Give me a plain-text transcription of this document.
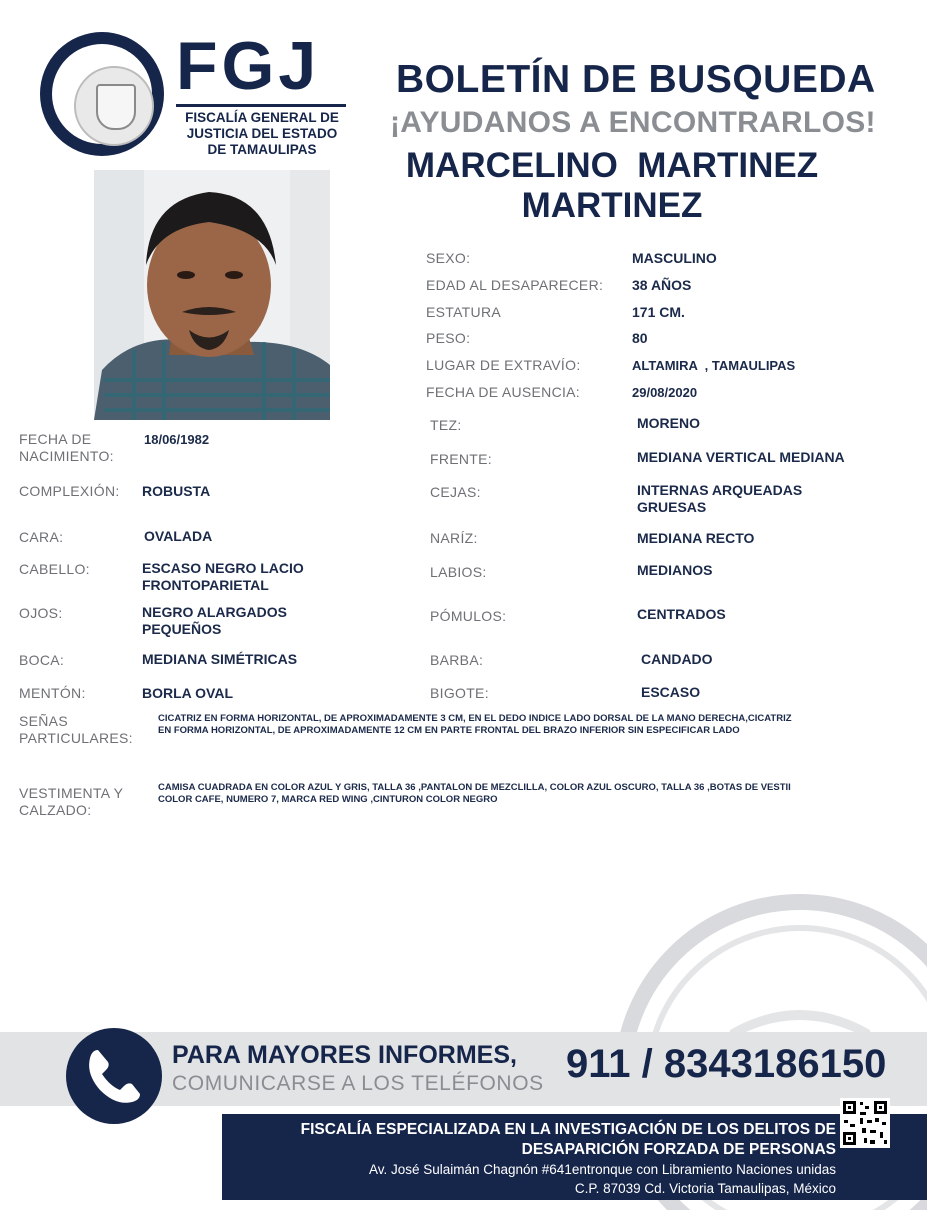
FGJ
FISCALÍA GENERAL DE
JUSTICIA DEL ESTADO
DE TAMAULIPAS
BOLETÍN DE BUSQUEDA
¡AYUDANOS A ENCONTRARLOS!
MARCELINO  MARTINEZ
MARTINEZ
SEXO:	MASCULINO
EDAD AL DESAPARECER: 38 AÑOS
ESTATURA	171 CM.
PESO:	80
LUGAR DE EXTRAVÍO:	ALTAMIRA  , TAMAULIPAS
FECHA DE AUSENCIA:	29/08/2020
TEZ:	MORENO
FRENTE:	MEDIANA VERTICAL MEDIANA
CEJAS:	INTERNAS ARQUEADAS
GRUESAS
NARÍZ:	MEDIANA RECTO
LABIOS:	MEDIANOS
PÓMULOS:	CENTRADOS
BARBA:	CANDADO
BIGOTE:	ESCASO
FECHA DE
NACIMIENTO:
18/06/1982
COMPLEXIÓN: ROBUSTA
CARA:	OVALADA
CABELLO:	ESCASO NEGRO LACIO
FRONTOPARIETAL
OJOS:	NEGRO ALARGADOS
PEQUEÑOS
BOCA:	MEDIANA SIMÉTRICAS
MENTÓN:	BORLA OVAL
SEÑAS
PARTICULARES:
CICATRIZ EN FORMA HORIZONTAL, DE APROXIMADAMENTE 3 CM, EN EL DEDO INDICE LADO DORSAL DE LA MANO DERECHA,CICATRIZ
EN FORMA HORIZONTAL, DE APROXIMADAMENTE 12 CM EN PARTE FRONTAL DEL BRAZO INFERIOR SIN ESPECIFICAR LADO
VESTIMENTA Y
CALZADO:
CAMISA CUADRADA EN COLOR AZUL Y GRIS, TALLA 36 ,PANTALON DE MEZCLILLA, COLOR AZUL OSCURO, TALLA 36 ,BOTAS DE VESTII
COLOR CAFE, NUMERO 7, MARCA RED WING ,CINTURON COLOR NEGRO
PARA MAYORES INFORMES,
COMUNICARSE A LOS TELÉFONOS 911 / 8343186150
FISCALÍA ESPECIALIZADA EN LA INVESTIGACIÓN DE LOS DELITOS DE
DESAPARICIÓN FORZADA DE PERSONAS
Av. José Sulaimán Chagnón #641entronque con Libramiento Naciones unidas
C.P. 87039 Cd. Victoria Tamaulipas, México
